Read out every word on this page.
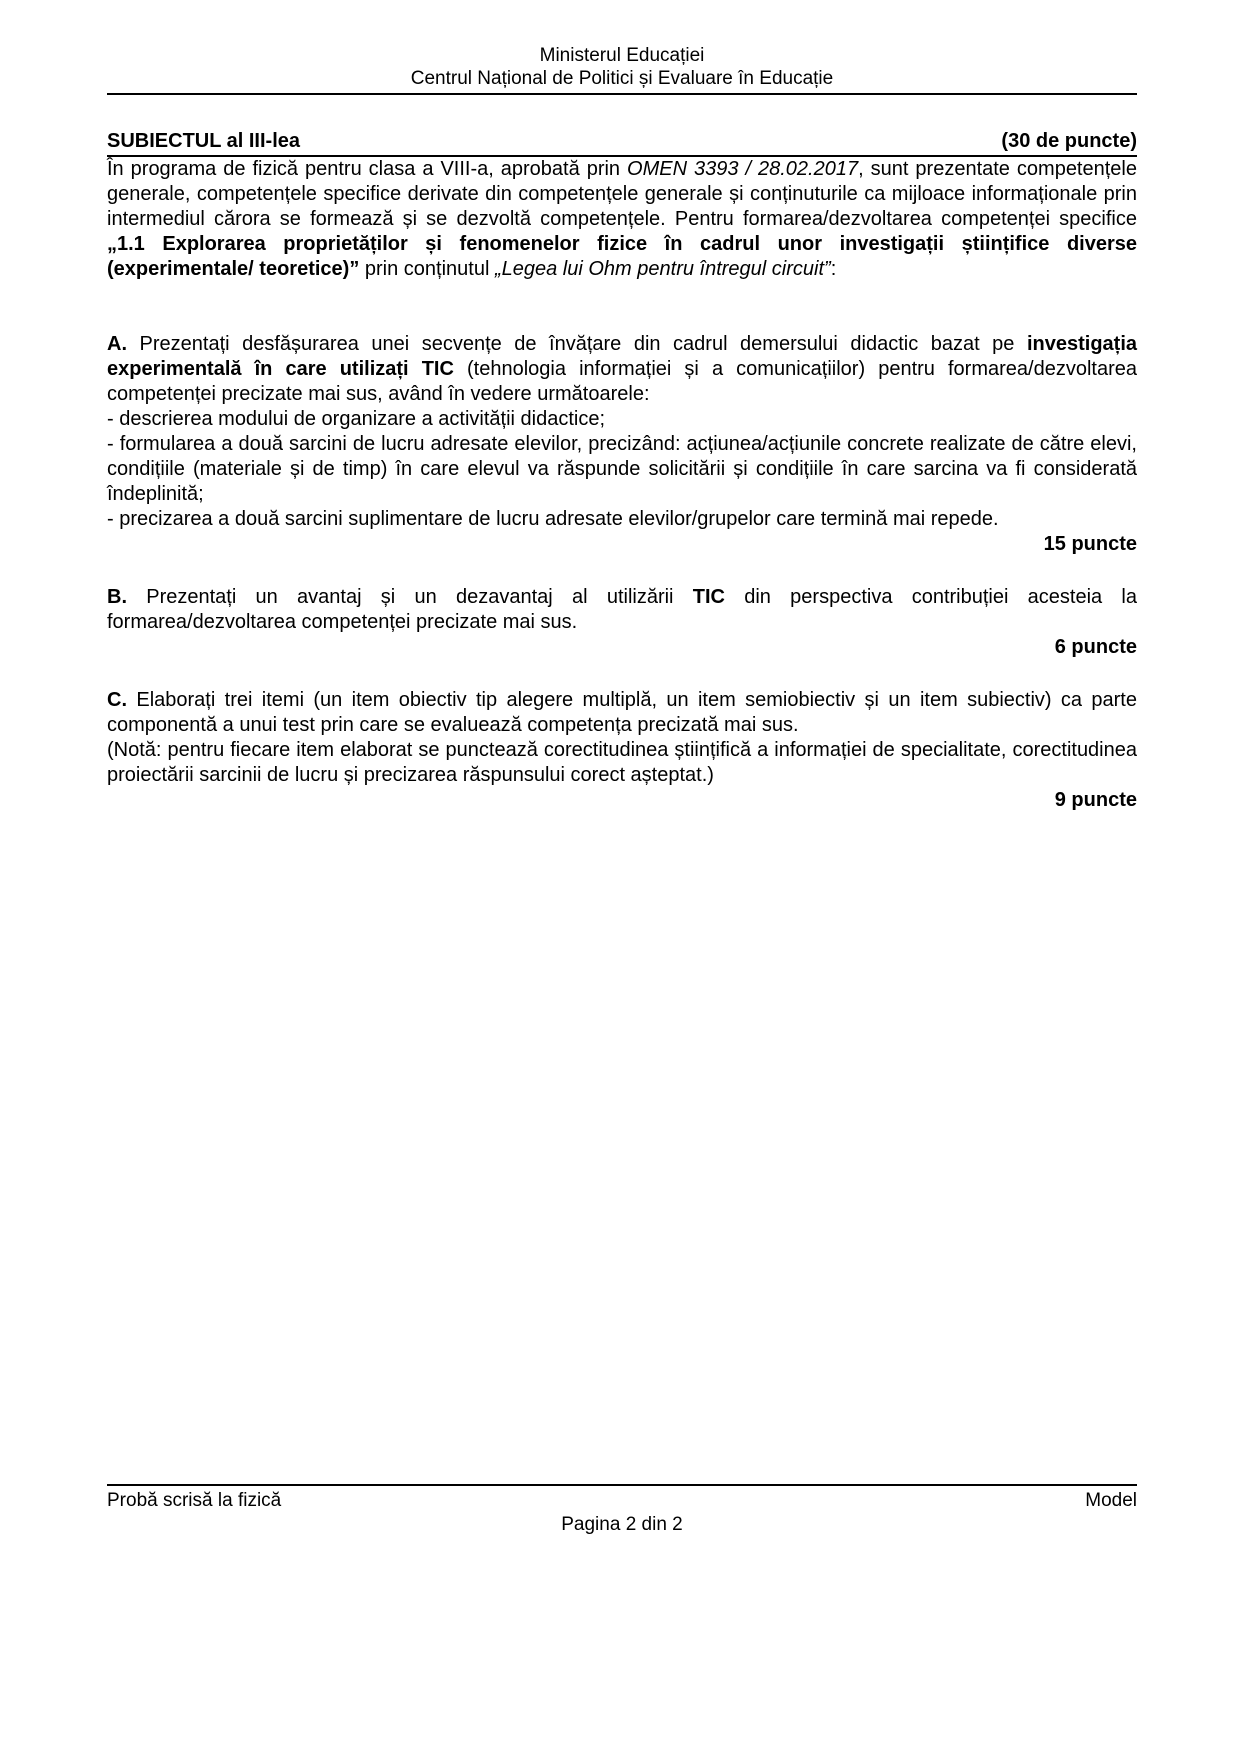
Ministerul Educației
Centrul Național de Politici și Evaluare în Educație
SUBIECTUL al III-lea	(30 de puncte)

În programa de fizică pentru clasa a VIII-a, aprobată prin OMEN 3393 / 28.02.2017, sunt prezentate competențele generale, competențele specifice derivate din competențele generale și conținuturile ca mijloace informaționale prin intermediul cărora se formează și se dezvoltă competențele. Pentru formarea/dezvoltarea competenței specifice „1.1 Explorarea proprietăților și fenomenelor fizice în cadrul unor investigații științifice diverse (experimentale/ teoretice)” prin conținutul „Legea lui Ohm pentru întregul circuit”:

A. Prezentați desfășurarea unei secvențe de învățare din cadrul demersului didactic bazat pe investigația experimentală în care utilizați TIC (tehnologia informației și a comunicațiilor) pentru formarea/dezvoltarea competenței precizate mai sus, având în vedere următoarele:

- descrierea modului de organizare a activității didactice;

- formularea a două sarcini de lucru adresate elevilor, precizând: acțiunea/acțiunile concrete realizate de către elevi, condițiile (materiale și de timp) în care elevul va răspunde solicitării și condițiile în care sarcina va fi considerată îndeplinită;

- precizarea a două sarcini suplimentare de lucru adresate elevilor/grupelor care termină mai repede.

15 puncte

B. Prezentați un avantaj și un dezavantaj al utilizării TIC din perspectiva contribuției acesteia la formarea/dezvoltarea competenței precizate mai sus.

6 puncte

C. Elaborați trei itemi (un item obiectiv tip alegere multiplă, un item semiobiectiv și un item subiectiv) ca parte componentă a unui test prin care se evaluează competența precizată mai sus.

(Notă: pentru fiecare item elaborat se punctează corectitudinea științifică a informației de specialitate, corectitudinea proiectării sarcinii de lucru și precizarea răspunsului corect așteptat.)

9 puncte

Probă scrisă la fizică	Model
Pagina 2 din 2
